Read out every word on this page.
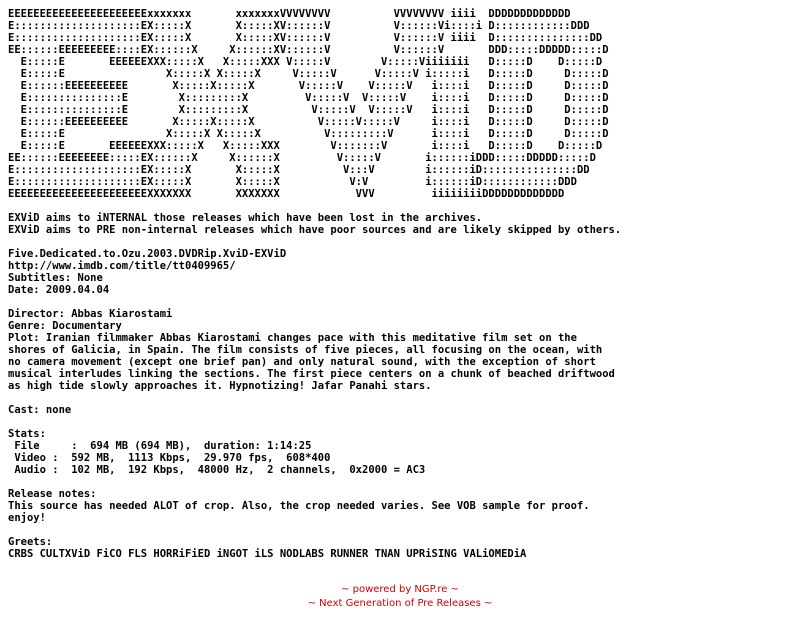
EEEEEEEEEEEEEEEEEEEEEExxxxxxx       xxxxxxxVVVVVVVV          VVVVVVVV iiii  DDDDDDDDDDDDD
E::::::::::::::::::::EX:::::X       X:::::XV::::::V          V::::::Vi::::i D::::::::::::DDD
E::::::::::::::::::::EX:::::X       X:::::XV::::::V          V::::::V iiii  D:::::::::::::::DD
EE::::::EEEEEEEEE::::EX::::::X     X::::::XV::::::V          V::::::V       DDD:::::DDDDD:::::D
E:::::E       EEEEEEXXX:::::X   X:::::XXX V:::::V        V:::::Viiiiiii   D:::::D    D:::::D
E:::::E                X:::::X X:::::X     V:::::V      V:::::V i:::::i   D:::::D     D:::::D
E::::::EEEEEEEEEE       X:::::X:::::X       V:::::V    V:::::V   i::::i   D:::::D     D:::::D
E:::::::::::::::E        X:::::::::X         V:::::V  V:::::V    i::::i   D:::::D     D:::::D
E:::::::::::::::E        X:::::::::X          V:::::V  V:::::V   i::::i   D:::::D     D:::::D
E::::::EEEEEEEEEE       X:::::X:::::X          V:::::V:::::V     i::::i   D:::::D     D:::::D
E:::::E                X:::::X X:::::X          V:::::::::V      i::::i   D:::::D     D:::::D
E:::::E       EEEEEEXXX:::::X   X:::::XXX        V:::::::V       i::::i   D:::::D    D:::::D
EE::::::EEEEEEEE:::::EX::::::X     X::::::X         V:::::V       i::::::iDDD:::::DDDDD:::::D
E::::::::::::::::::::EX:::::X       X:::::X          V:::V        i::::::iD:::::::::::::::DD
E::::::::::::::::::::EX:::::X       X:::::X           V:V         i::::::iD::::::::::::DDD
EEEEEEEEEEEEEEEEEEEEEEXXXXXXX       XXXXXXX            VVV         iiiiiiiiDDDDDDDDDDDDD
EXViD aims to iNTERNAL those releases which have been lost in the archives.
EXViD aims to PRE non-internal releases which have poor sources and are likely skipped by others.
Five.Dedicated.to.Ozu.2003.DVDRip.XviD-EXViD
http://www.imdb.com/title/tt0409965/
Subtitles: None
Date: 2009.04.04
Director: Abbas Kiarostami
Genre: Documentary
Plot: Iranian filmmaker Abbas Kiarostami changes pace with this meditative film set on the
shores of Galicia, in Spain. The film consists of five pieces, all focusing on the ocean, with
no camera movement (except one brief pan) and only natural sound, with the exception of short
musical interludes linking the sections. The first piece centers on a chunk of beached driftwood
as high tide slowly approaches it. Hypnotizing! Jafar Panahi stars.
Cast: none
Stats:
File     :  694 MB (694 MB),  duration: 1:14:25
Video :  592 MB,  1113 Kbps,  29.970 fps,  608*400
Audio :  102 MB,  192 Kbps,  48000 Hz,  2 channels,  0x2000 = AC3
Release notes:
This source has needed ALOT of crop. Also, the crop needed varies. See VOB sample for proof.
enjoy!
Greets:
CRBS CULTXViD FiCO FLS HORRiFiED iNGOT iLS NODLABS RUNNER TNAN UPRiSING VALiOMEDiA
~ powered by NGP.re ~
~ Next Generation of Pre Releases ~
